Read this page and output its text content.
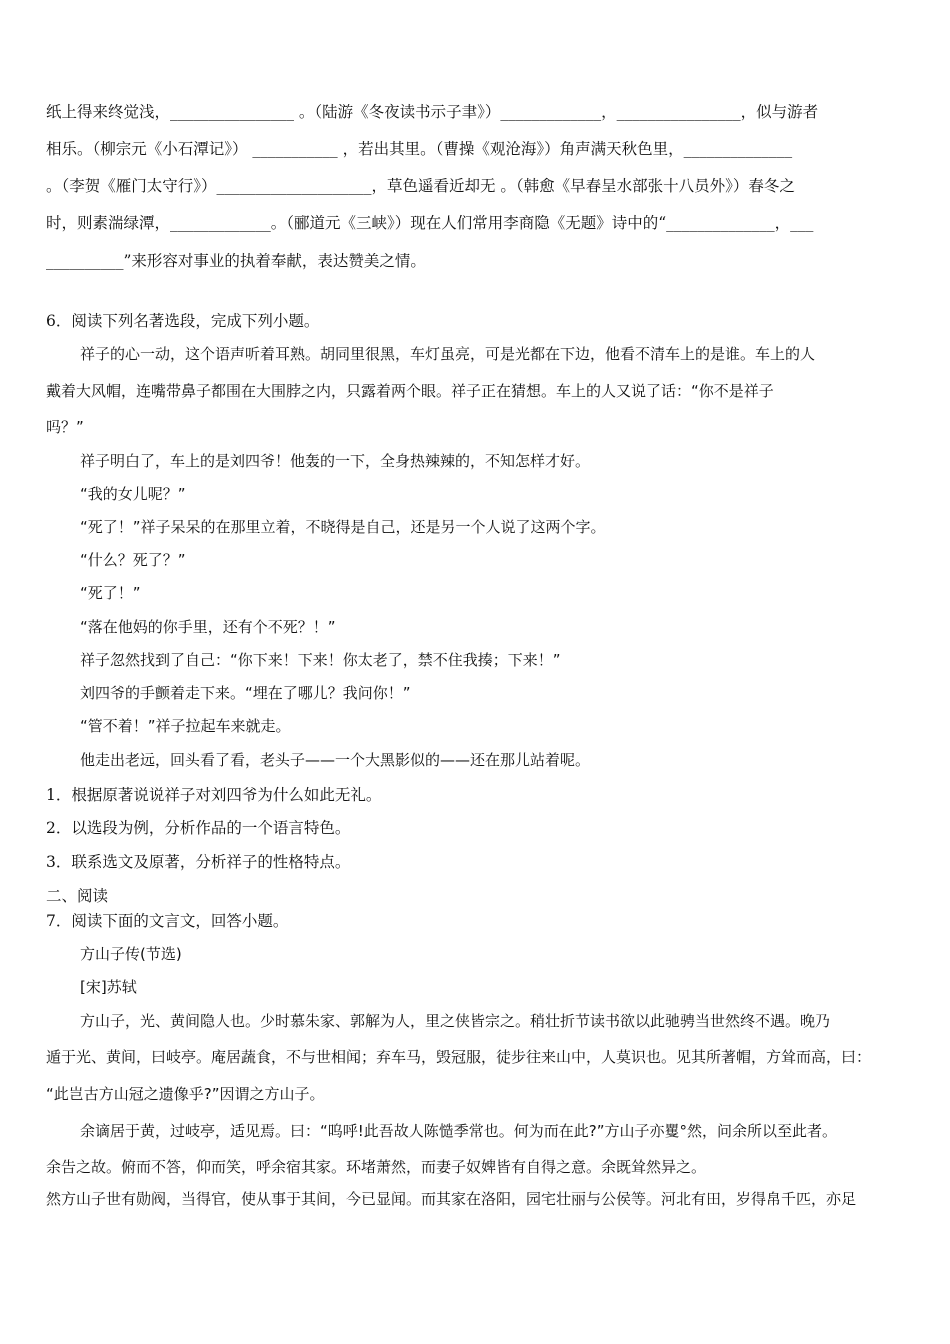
纸上得来终觉浅，________________ 。（陆游《冬夜读书示子聿》）_____________，________________，似与游者
相乐。（柳宗元《小石潭记》） ___________ ，若出其里。（曹操《观沧海》）角声满天秋色里，______________
。（李贺《雁门太守行》）____________________，草色遥看近却无 。（韩愈《早春呈水部张十八员外》）春冬之
时，则素湍绿潭，_____________。（郦道元《三峡》）现在人们常用李商隐《无题》诗中的“______________，___
__________”来形容对事业的执着奉献，表达赞美之情。
6．阅读下列名著选段，完成下列小题。
祥子的心一动，这个语声听着耳熟。胡同里很黑，车灯虽亮，可是光都在下边，他看不清车上的是谁。车上的人
戴着大风帽，连嘴带鼻子都围在大围脖之内，只露着两个眼。祥子正在猜想。车上的人又说了话：“你不是祥子
吗？”
祥子明白了，车上的是刘四爷！他轰的一下，全身热辣辣的，不知怎样才好。
“我的女儿呢？”
“死了！”祥子呆呆的在那里立着，不晓得是自己，还是另一个人说了这两个字。
“什么？死了？”
“死了！”
“落在他妈的你手里，还有个不死？！”
祥子忽然找到了自己：“你下来！下来！你太老了，禁不住我揍；下来！”
刘四爷的手颤着走下来。“埋在了哪儿？我问你！”
“管不着！”祥子拉起车来就走。
他走出老远，回头看了看，老头子——一个大黑影似的——还在那儿站着呢。
1．根据原著说说祥子对刘四爷为什么如此无礼。
2．以选段为例，分析作品的一个语言特色。
3．联系选文及原著，分析祥子的性格特点。
二、阅读
7．阅读下面的文言文，回答小题。
方山子传(节选)
[宋]苏轼
方山子，光、黄间隐人也。少时慕朱家、郭解为人，里之侠皆宗之。稍壮折节读书欲以此驰骋当世然终不遇。晚乃
遁于光、黄间，曰岐亭。庵居蔬食，不与世相闻；弃车马，毁冠服，徒步往来山中，人莫识也。见其所著帽，方耸而高，曰：
“此岂古方山冠之遗像乎?”因谓之方山子。
余谪居于黄，过岐亭，适见焉。曰：“呜呼!此吾故人陈慥季常也。何为而在此?”方山子亦矍°然，问余所以至此者。
余告之故。俯而不答，仰而笑，呼余宿其家。环堵萧然，而妻子奴婢皆有自得之意。余既耸然异之。
然方山子世有勋阀，当得官，使从事于其间，今已显闻。而其家在洛阳，园宅壮丽与公侯等。河北有田，岁得帛千匹，亦足
